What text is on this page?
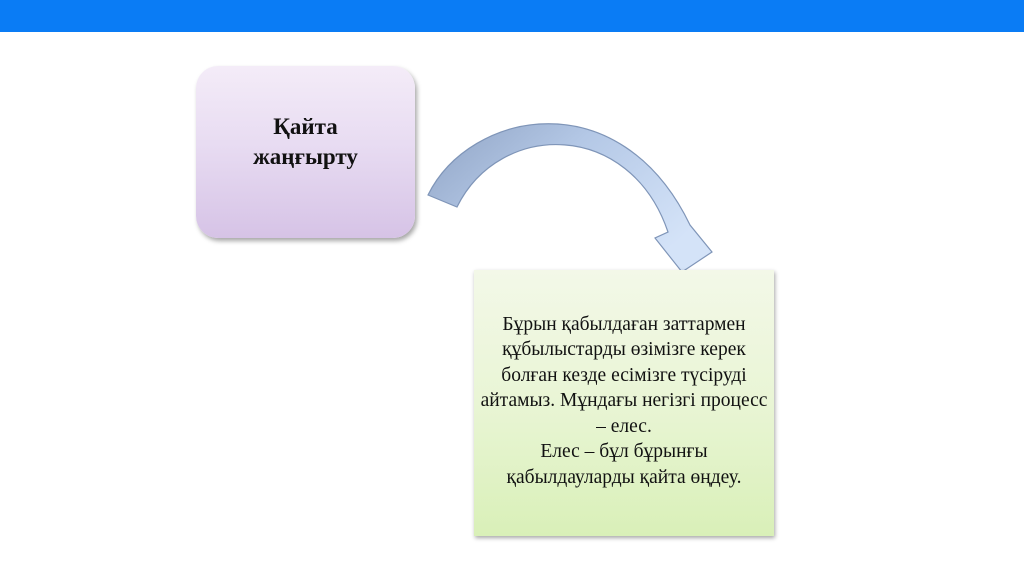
Қайта жаңғырту
Бұрын қабылдаған заттармен құбылыстарды өзімізге керек болған кезде есімізге түсіруді айтамыз. Мұндағы негізгі процесс – елес.
Елес – бұл бұрынғы қабылдауларды қайта өңдеу.
